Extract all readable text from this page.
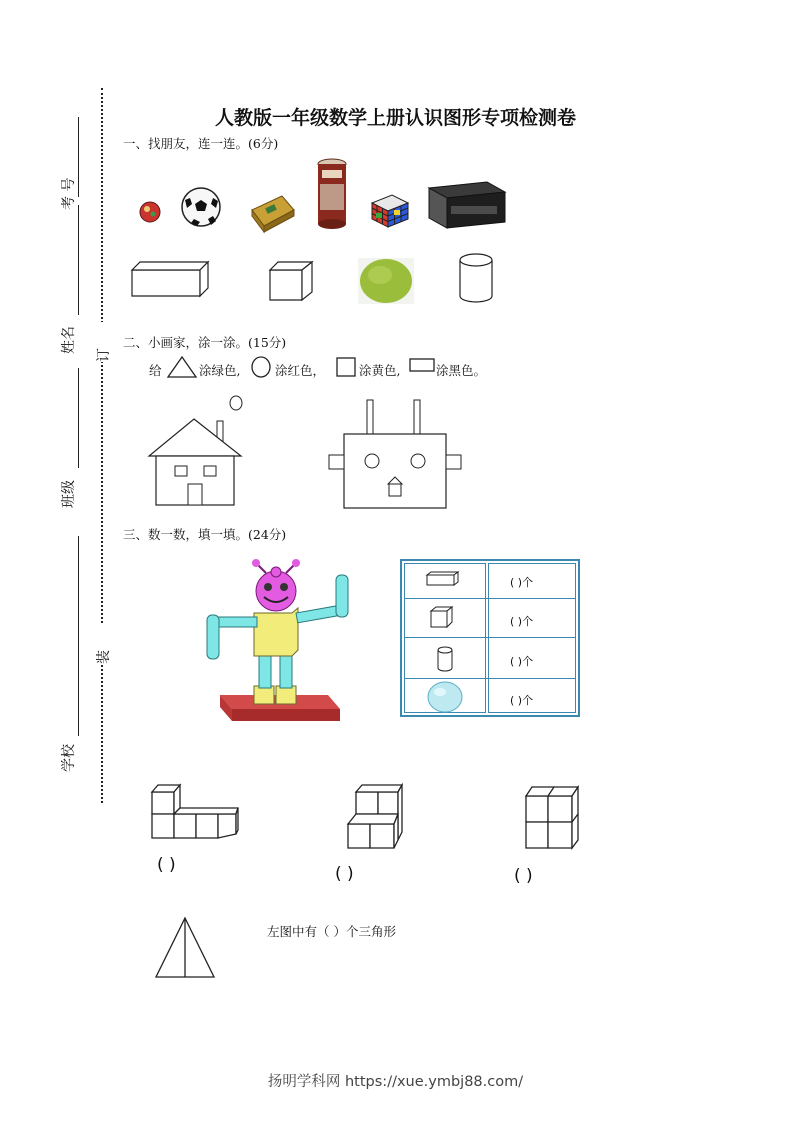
考 号
姓名
班级
学校
订
装
人教版一年级数学上册认识图形专项检测卷
一、找朋友，连一连。(6分)
二、小画家，涂一涂。(15分)
给	涂绿色,	涂红色，	涂黄色,	涂黑色。
三、数一数，填一填。(24分)
( )个
( )个
( )个
( )个
( )	( )	( )
左图中有（ ）个三角形
扬明学科网 https://xue.ymbj88.com/
